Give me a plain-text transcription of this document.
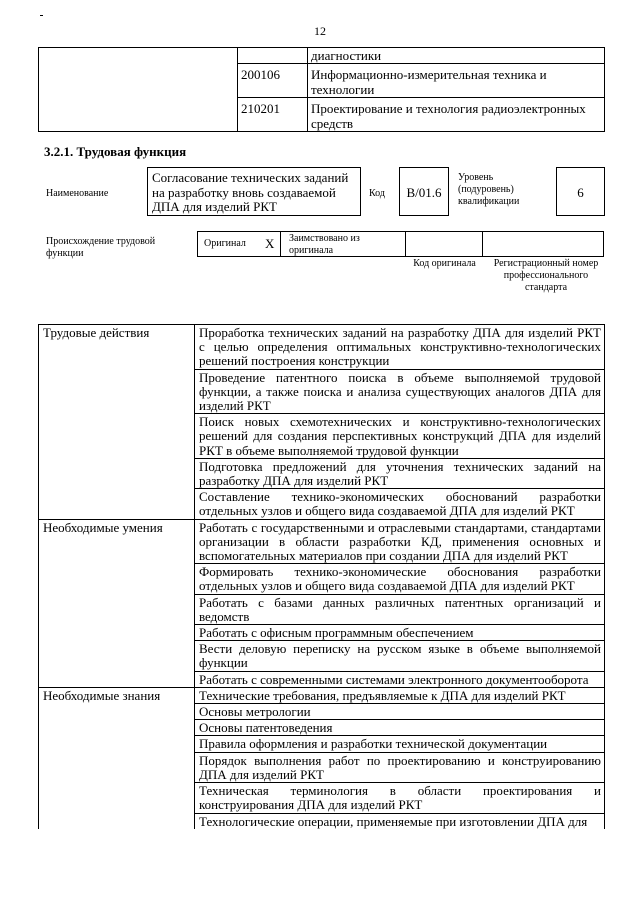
12
		диагностики
	200106	Информационно-измерительная техника и технологии
	210201	Проектирование и технология радиоэлектронных средств
3.2.1. Трудовая функция
Наименование
Согласование технических заданий на разработку вновь создаваемой ДПА для изделий РКТ
Код	B/01.6
Уровень (подуровень) квалификации
6
Происхождение трудовой функции
Оригинал X Заимствовано из оригинала
Код оригинала	Регистрационный номер профессионального стандарта
Трудовые действия	Проработка технических заданий на разработку ДПА для изделий РКТ с целью определения оптимальных конструктивно-технологических решений построения конструкции
	Проведение патентного поиска в объеме выполняемой трудовой функции, а также поиска и анализа существующих аналогов ДПА для изделий РКТ
	Поиск новых схемотехнических и конструктивно-технологических решений для создания перспективных конструкций ДПА для изделий РКТ в объеме выполняемой трудовой функции
	Подготовка предложений для уточнения технических заданий на разработку ДПА для изделий РКТ
	Составление технико-экономических обоснований разработки отдельных узлов и общего вида создаваемой ДПА для изделий РКТ
Необходимые умения	Работать с государственными и отраслевыми стандартами, стандартами организации в области разработки КД, применения основных и вспомогательных материалов при создании ДПА для изделий РКТ
	Формировать технико-экономические обоснования разработки отдельных узлов и общего вида создаваемой ДПА для изделий РКТ
	Работать с базами данных различных патентных организаций и ведомств
	Работать с офисным программным обеспечением
	Вести деловую переписку на русском языке в объеме выполняемой функции
	Работать с современными системами электронного документооборота
Необходимые знания	Технические требования, предъявляемые к ДПА для изделий РКТ
	Основы метрологии
	Основы патентоведения
	Правила оформления и разработки технической документации
	Порядок выполнения работ по проектированию и конструированию ДПА для изделий РКТ
	Техническая терминология в области проектирования и конструирования ДПА для изделий РКТ
	Технологические операции, применяемые при изготовлении ДПА для
